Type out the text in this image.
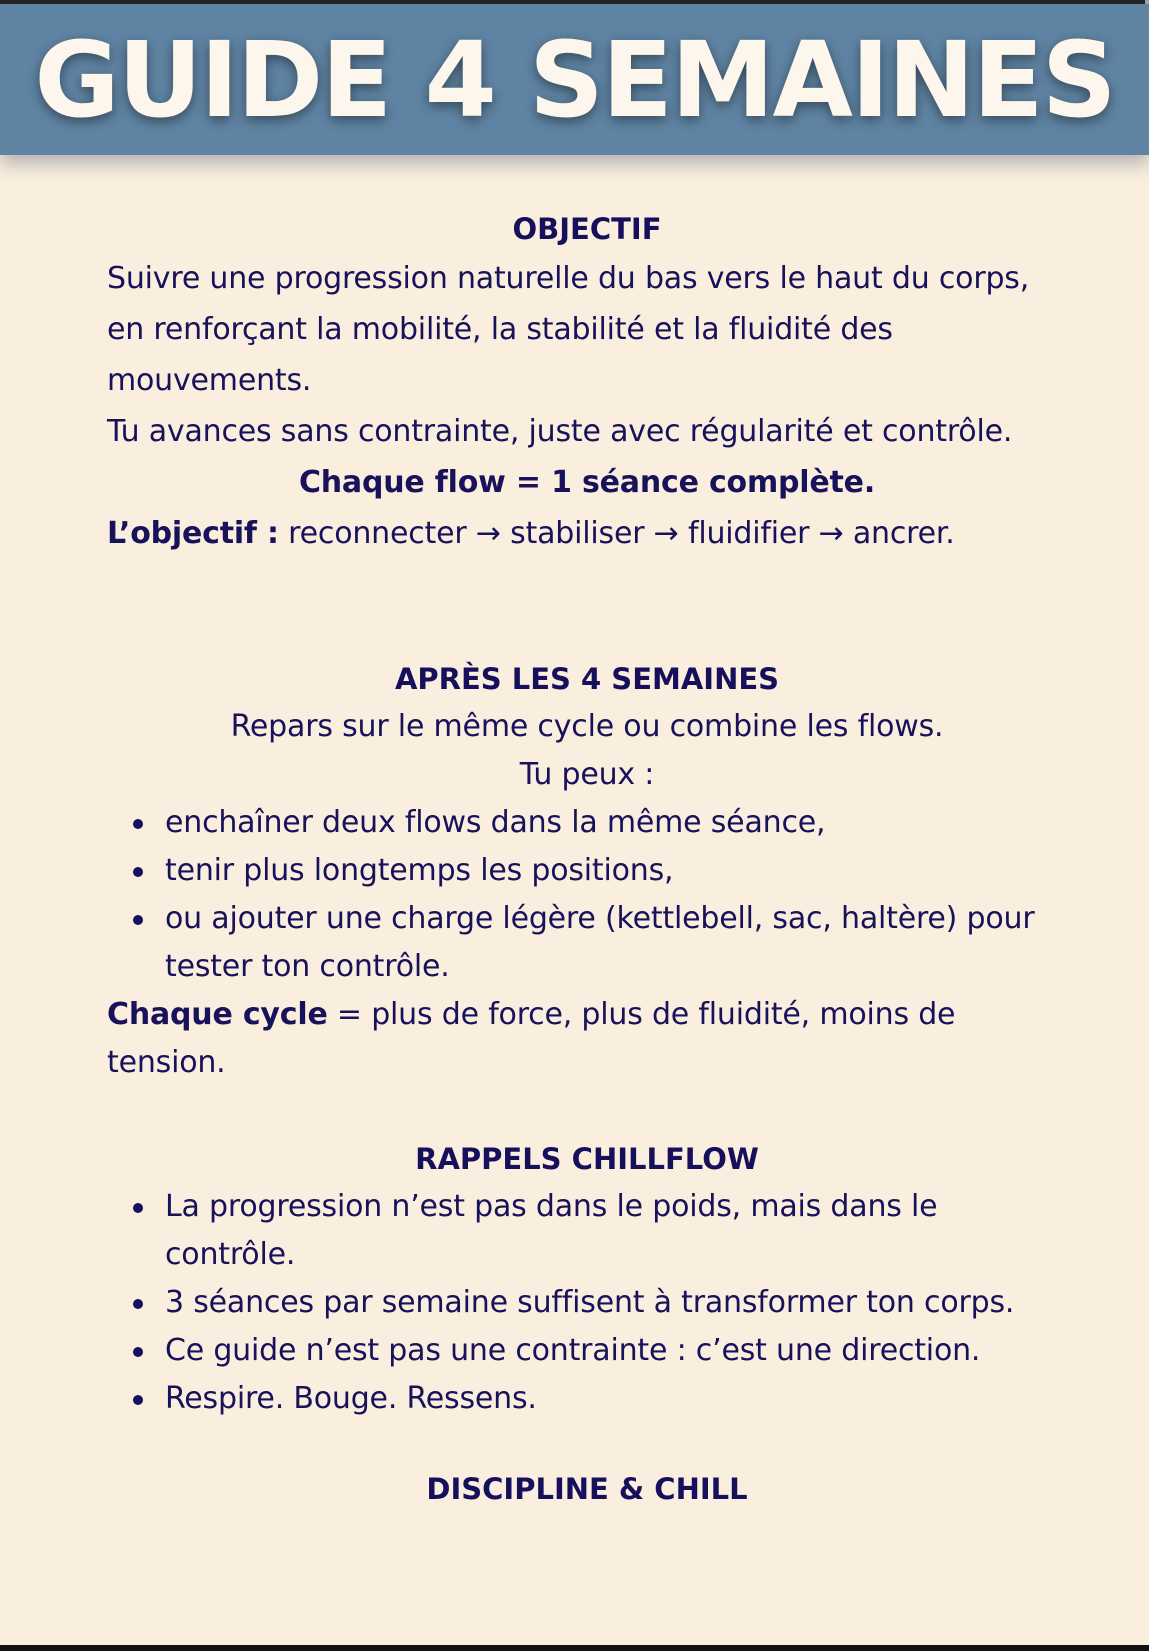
GUIDE 4 SEMAINES
OBJECTIF

Suivre une progression naturelle du bas vers le haut du corps, en renforçant la mobilité, la stabilité et la fluidité des mouvements.

Tu avances sans contrainte, juste avec régularité et contrôle.

Chaque flow = 1 séance complète.

L’objectif : reconnecter → stabiliser → fluidifier → ancrer.

APRÈS LES 4 SEMAINES

Repars sur le même cycle ou combine les flows.

Tu peux :

enchaîner deux flows dans la même séance,
tenir plus longtemps les positions,
ou ajouter une charge légère (kettlebell, sac, haltère) pour tester ton contrôle.

Chaque cycle = plus de force, plus de fluidité, moins de tension.

RAPPELS CHILLFLOW
La progression n’est pas dans le poids, mais dans le contrôle.
3 séances par semaine suffisent à transformer ton corps.
Ce guide n’est pas une contrainte : c’est une direction.
Respire. Bouge. Ressens.
DISCIPLINE & CHILL
